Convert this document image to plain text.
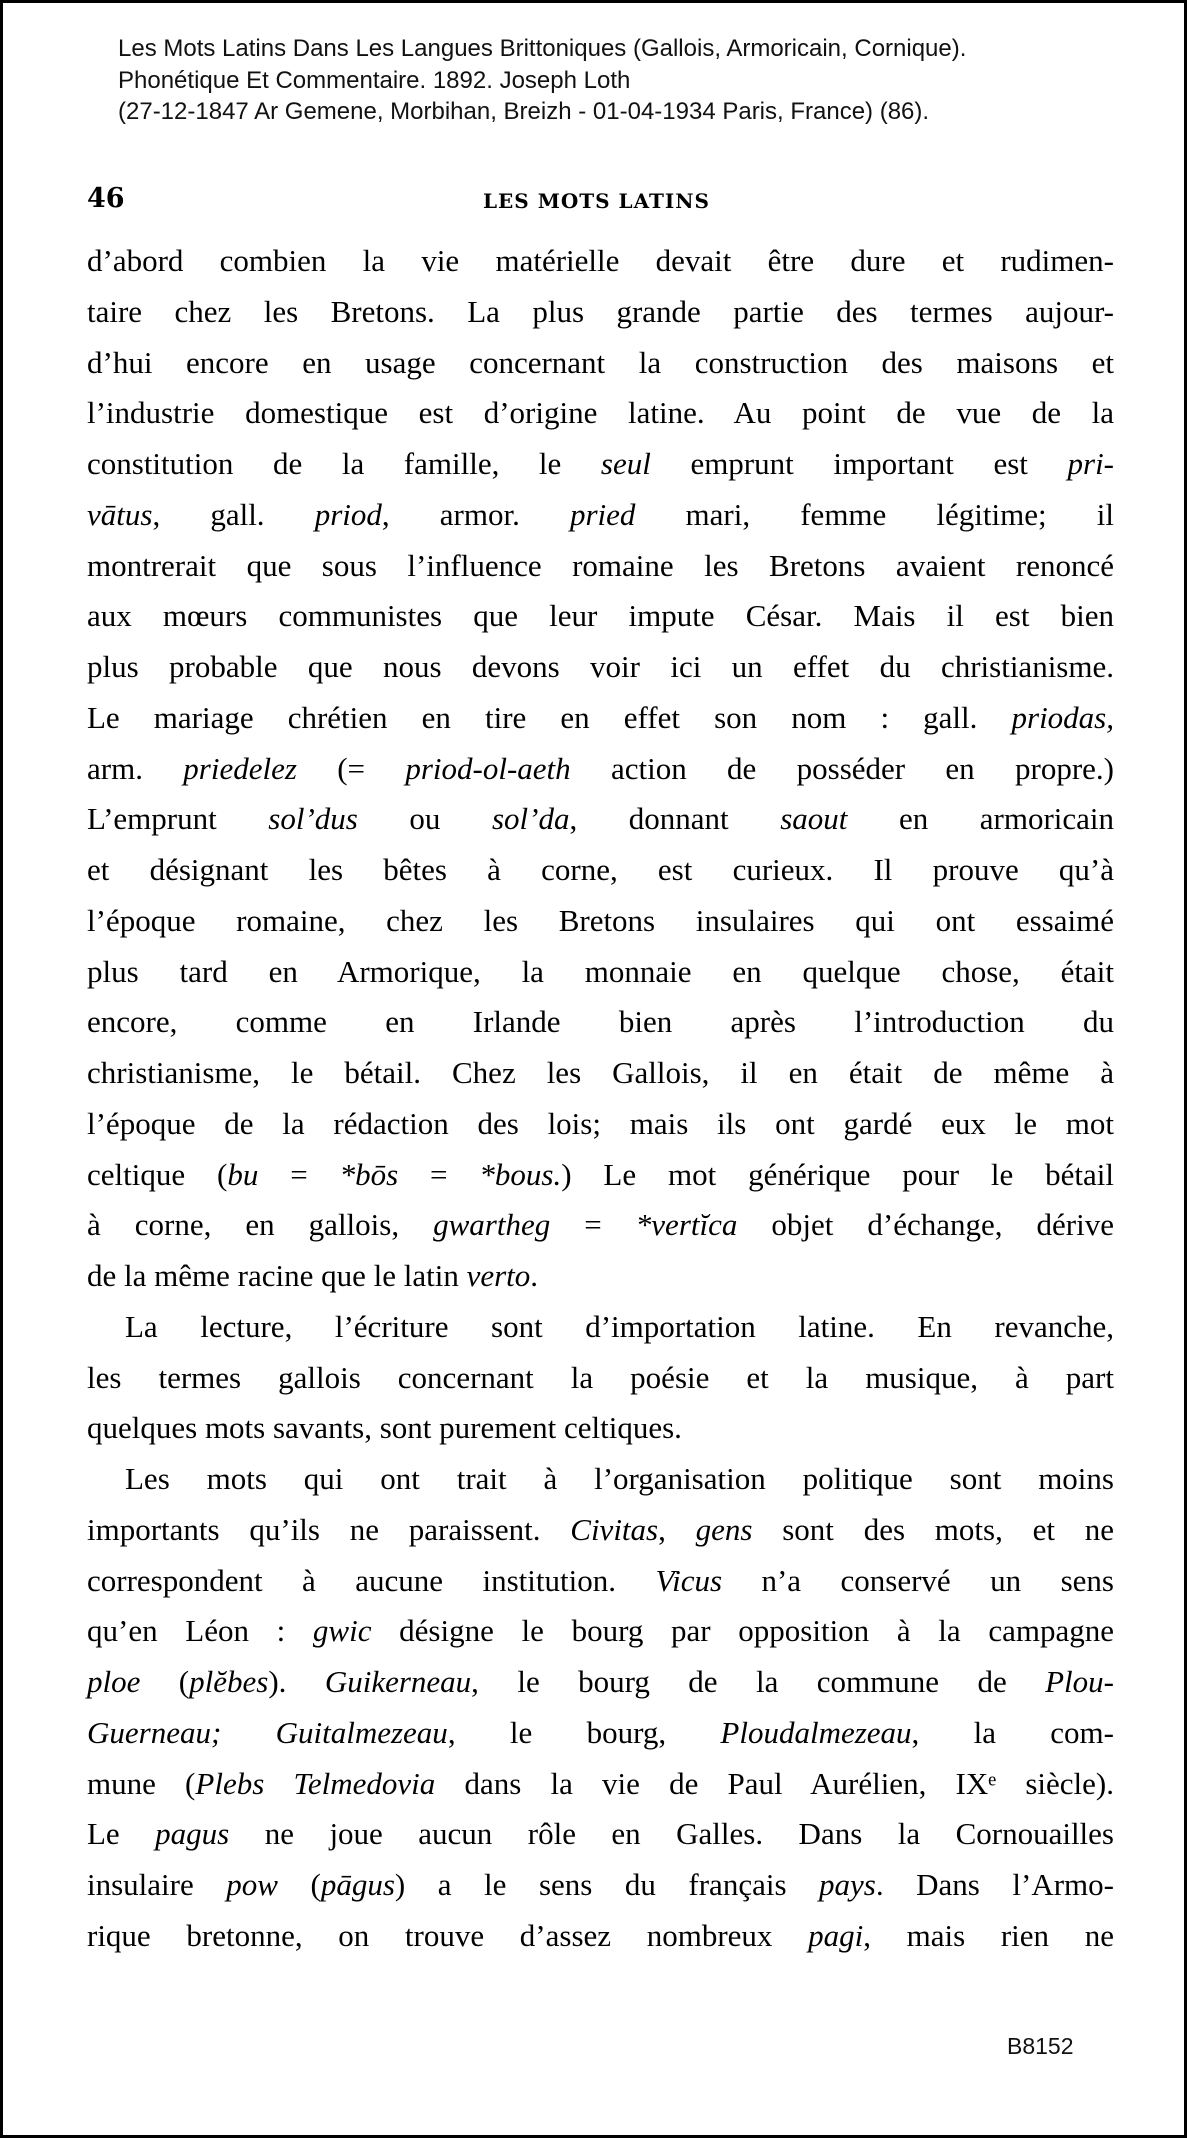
Les Mots Latins Dans Les Langues Brittoniques (Gallois, Armoricain, Cornique).
Phonétique Et Commentaire. 1892. Joseph Loth
(27-12-1847 Ar Gemene, Morbihan, Breizh - 01-04-1934 Paris, France) (86).
46	LES MOTS LATINS
d’abord combien la vie matérielle devait être dure et rudimen-
taire chez les Bretons. La plus grande partie des termes aujour-
d’hui encore en usage concernant la construction des maisons et
l’industrie domestique est d’origine latine. Au point de vue de la
constitution de la famille, le seul emprunt important est pri-
vātus, gall. priod, armor. pried mari, femme légitime; il
montrerait que sous l’influence romaine les Bretons avaient renoncé
aux mœurs communistes que leur impute César. Mais il est bien
plus probable que nous devons voir ici un effet du christianisme.
Le mariage chrétien en tire en effet son nom : gall. priodas,
arm. priedelez (= priod-ol-aeth action de posséder en propre.)
L’emprunt sol’dus ou sol’da, donnant saout en armoricain
et désignant les bêtes à corne, est curieux. Il prouve qu’à
l’époque romaine, chez les Bretons insulaires qui ont essaimé
plus tard en Armorique, la monnaie en quelque chose, était
encore, comme en Irlande bien après l’introduction du
christianisme, le bétail. Chez les Gallois, il en était de même à
l’époque de la rédaction des lois; mais ils ont gardé eux le mot
celtique (bu = *bōs = *bous.) Le mot générique pour le bétail
à corne, en gallois, gwartheg = *vertĭca objet d’échange, dérive
de la même racine que le latin verto.
La lecture, l’écriture sont d’importation latine. En revanche,
les termes gallois concernant la poésie et la musique, à part
quelques mots savants, sont purement celtiques.
Les mots qui ont trait à l’organisation politique sont moins
importants qu’ils ne paraissent. Civitas, gens sont des mots, et ne
correspondent à aucune institution. Vicus n’a conservé un sens
qu’en Léon : gwic désigne le bourg par opposition à la campagne
ploe (plĕbes). Guikerneau, le bourg de la commune de Plou-
Guerneau; Guitalmezeau, le bourg, Ploudalmezeau, la com-
mune (Plebs Telmedovia dans la vie de Paul Aurélien, IXᵉ siècle).
Le pagus ne joue aucun rôle en Galles. Dans la Cornouailles
insulaire pow (pāgus) a le sens du français pays. Dans l’Armo-
rique bretonne, on trouve d’assez nombreux pagi, mais rien ne
B8152
